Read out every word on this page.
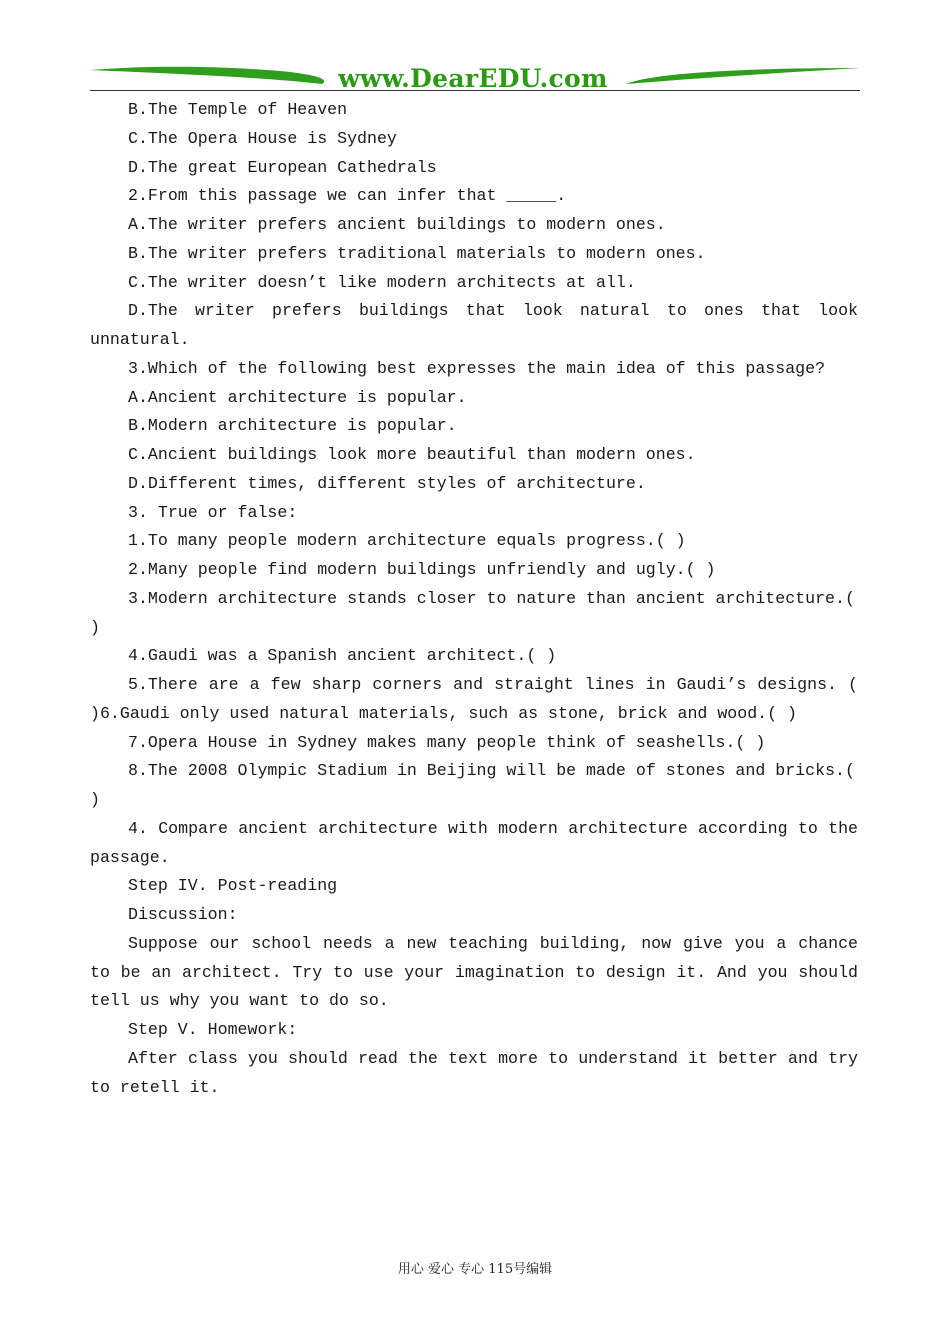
www.DearEDU.com

B.The Temple of Heaven

C.The Opera House is Sydney

D.The great European Cathedrals

2.From this passage we can infer that _____.

A.The writer prefers ancient buildings to modern ones.

B.The writer prefers traditional materials to modern ones.

C.The writer doesn’t like modern architects at all.

D.The writer prefers buildings that look natural to ones that look unnatural.

3.Which of the following best expresses the main idea of this passage?

A.Ancient architecture is popular.

B.Modern architecture is popular.

C.Ancient buildings look more beautiful than modern ones.

D.Different times, different styles of architecture.

3. True or false:

1.To many people modern architecture equals progress.( )

2.Many people find modern buildings unfriendly and ugly.( )

3.Modern architecture stands closer to nature than ancient architecture.( )

4.Gaudi was a Spanish ancient architect.( )

5.There are a few sharp corners and straight lines in Gaudi’s designs. ( )6.Gaudi only used natural materials, such as stone, brick and wood.( )

7.Opera House in Sydney makes many people think of seashells.( )

8.The 2008 Olympic Stadium in Beijing will be made of stones and bricks.( )

4. Compare ancient architecture with modern architecture according to the passage.

Step IV. Post-reading

Discussion:

Suppose our school needs a new teaching building, now give you a chance to be an architect. Try to use your imagination to design it. And you should tell us why you want to do so.

Step V. Homework:

After class you should read the text more to understand it better and try to retell it.

用心 爱心 专心 115号编辑
